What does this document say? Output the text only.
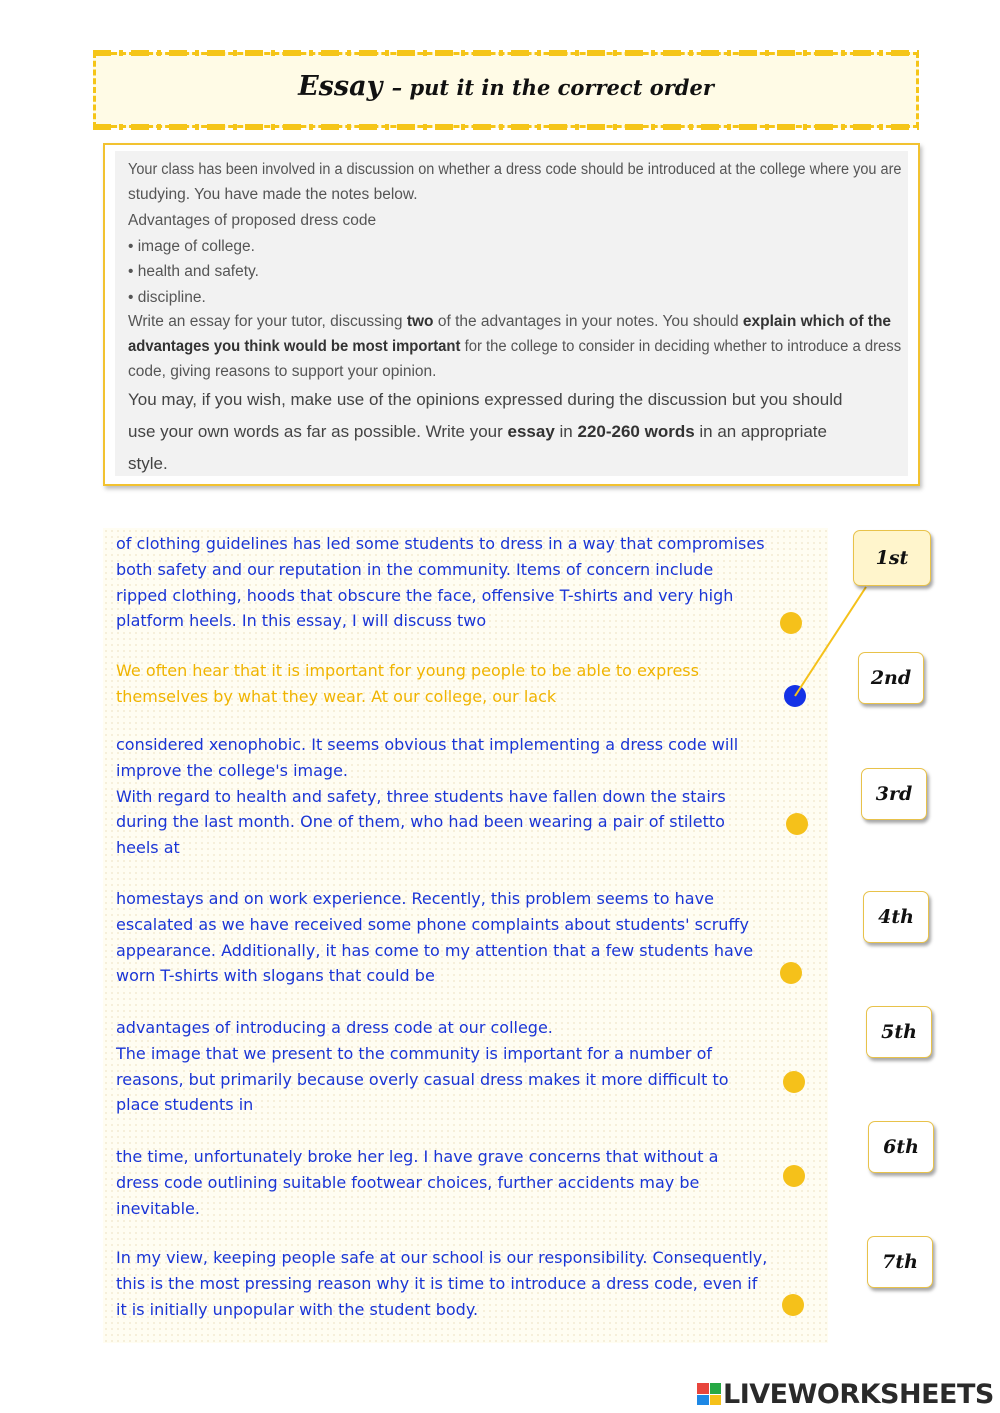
Essay – put it in the correct order
Your class has been involved in a discussion on whether a dress code should be introduced at the college where you are
studying. You have made the notes below.
Advantages of proposed dress code
• image of college.
• health and safety.
• discipline.
Write an essay for your tutor, discussing two of the advantages in your notes. You should explain which of the
advantages you think would be most important for the college to consider in deciding whether to introduce a dress
code, giving reasons to support your opinion.
You may, if you wish, make use of the opinions expressed during the discussion but you should
use your own words as far as possible. Write your essay in 220-260 words in an appropriate
style.
of clothing guidelines has led some students to dress in a way that compromises
both safety and our reputation in the community. Items of concern include
ripped clothing, hoods that obscure the face, offensive T-shirts and very high
platform heels. In this essay, I will discuss two
We often hear that it is important for young people to be able to express
themselves by what they wear. At our college, our lack
considered xenophobic. It seems obvious that implementing a dress code will
improve the college's image.
With regard to health and safety, three students have fallen down the stairs
during the last month. One of them, who had been wearing a pair of stiletto
heels at
homestays and on work experience. Recently, this problem seems to have
escalated as we have received some phone complaints about students' scruffy
appearance. Additionally, it has come to my attention that a few students have
worn T-shirts with slogans that could be
advantages of introducing a dress code at our college.
The image that we present to the community is important for a number of
reasons, but primarily because overly casual dress makes it more difficult to
place students in
the time, unfortunately broke her leg. I have grave concerns that without a
dress code outlining suitable footwear choices, further accidents may be
inevitable.
In my view, keeping people safe at our school is our responsibility. Consequently,
this is the most pressing reason why it is time to introduce a dress code, even if
it is initially unpopular with the student body.
1st
2nd
3rd
4th
5th
6th
7th
LIVEWORKSHEETS
